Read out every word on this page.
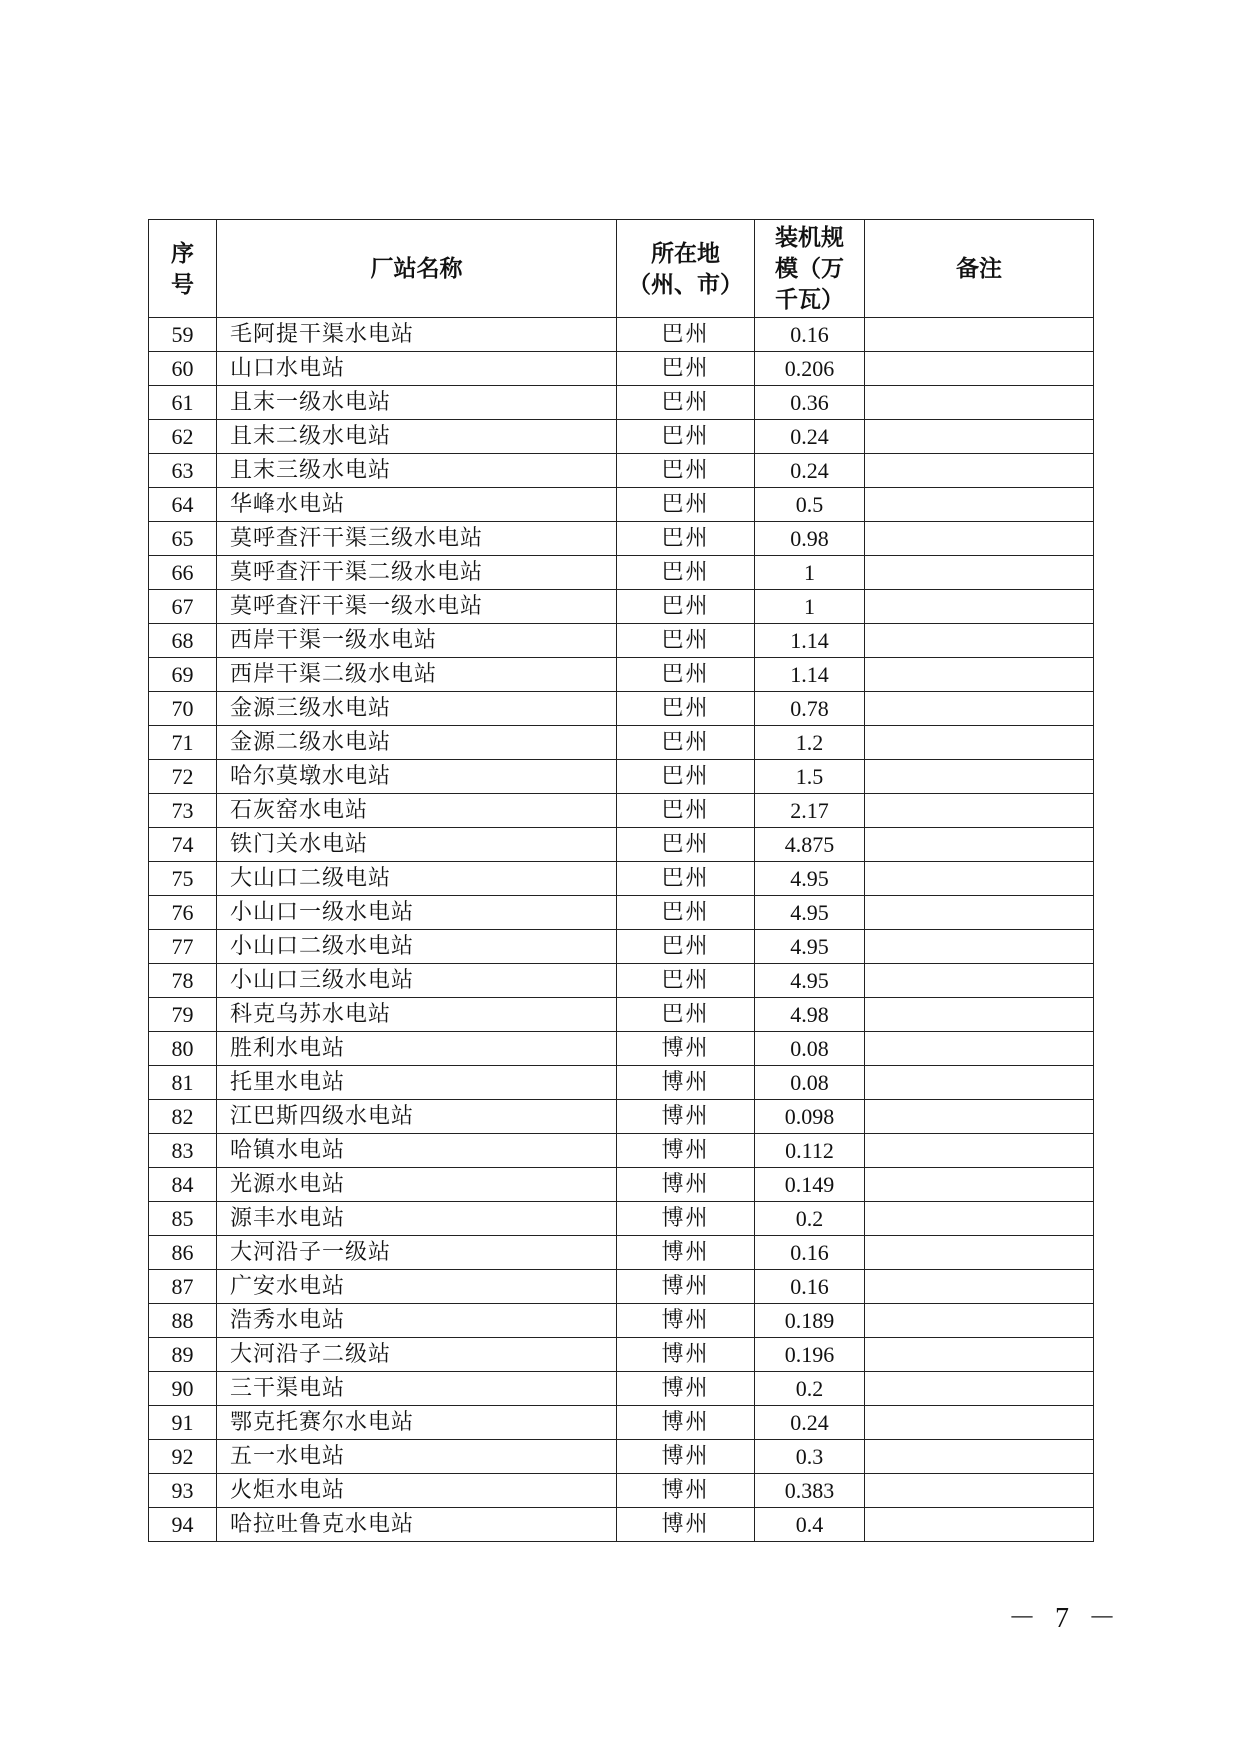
序号	厂站名称	所在地（州、市）	装机规模（万千瓦）	备注
59	毛阿提干渠水电站	巴州	0.16	
60	山口水电站	巴州	0.206	
61	且末一级水电站	巴州	0.36	
62	且末二级水电站	巴州	0.24	
63	且末三级水电站	巴州	0.24	
64	华峰水电站	巴州	0.5	
65	莫呼查汗干渠三级水电站	巴州	0.98	
66	莫呼查汗干渠二级水电站	巴州	1	
67	莫呼查汗干渠一级水电站	巴州	1	
68	西岸干渠一级水电站	巴州	1.14	
69	西岸干渠二级水电站	巴州	1.14	
70	金源三级水电站	巴州	0.78	
71	金源二级水电站	巴州	1.2	
72	哈尔莫墩水电站	巴州	1.5	
73	石灰窑水电站	巴州	2.17	
74	铁门关水电站	巴州	4.875	
75	大山口二级电站	巴州	4.95	
76	小山口一级水电站	巴州	4.95	
77	小山口二级水电站	巴州	4.95	
78	小山口三级水电站	巴州	4.95	
79	科克乌苏水电站	巴州	4.98	
80	胜利水电站	博州	0.08	
81	托里水电站	博州	0.08	
82	江巴斯四级水电站	博州	0.098	
83	哈镇水电站	博州	0.112	
84	光源水电站	博州	0.149	
85	源丰水电站	博州	0.2	
86	大河沿子一级站	博州	0.16	
87	广安水电站	博州	0.16	
88	浩秀水电站	博州	0.189	
89	大河沿子二级站	博州	0.196	
90	三干渠电站	博州	0.2	
91	鄂克托赛尔水电站	博州	0.24	
92	五一水电站	博州	0.3	
93	火炬水电站	博州	0.383	
94	哈拉吐鲁克水电站	博州	0.4	
－ 7 －
